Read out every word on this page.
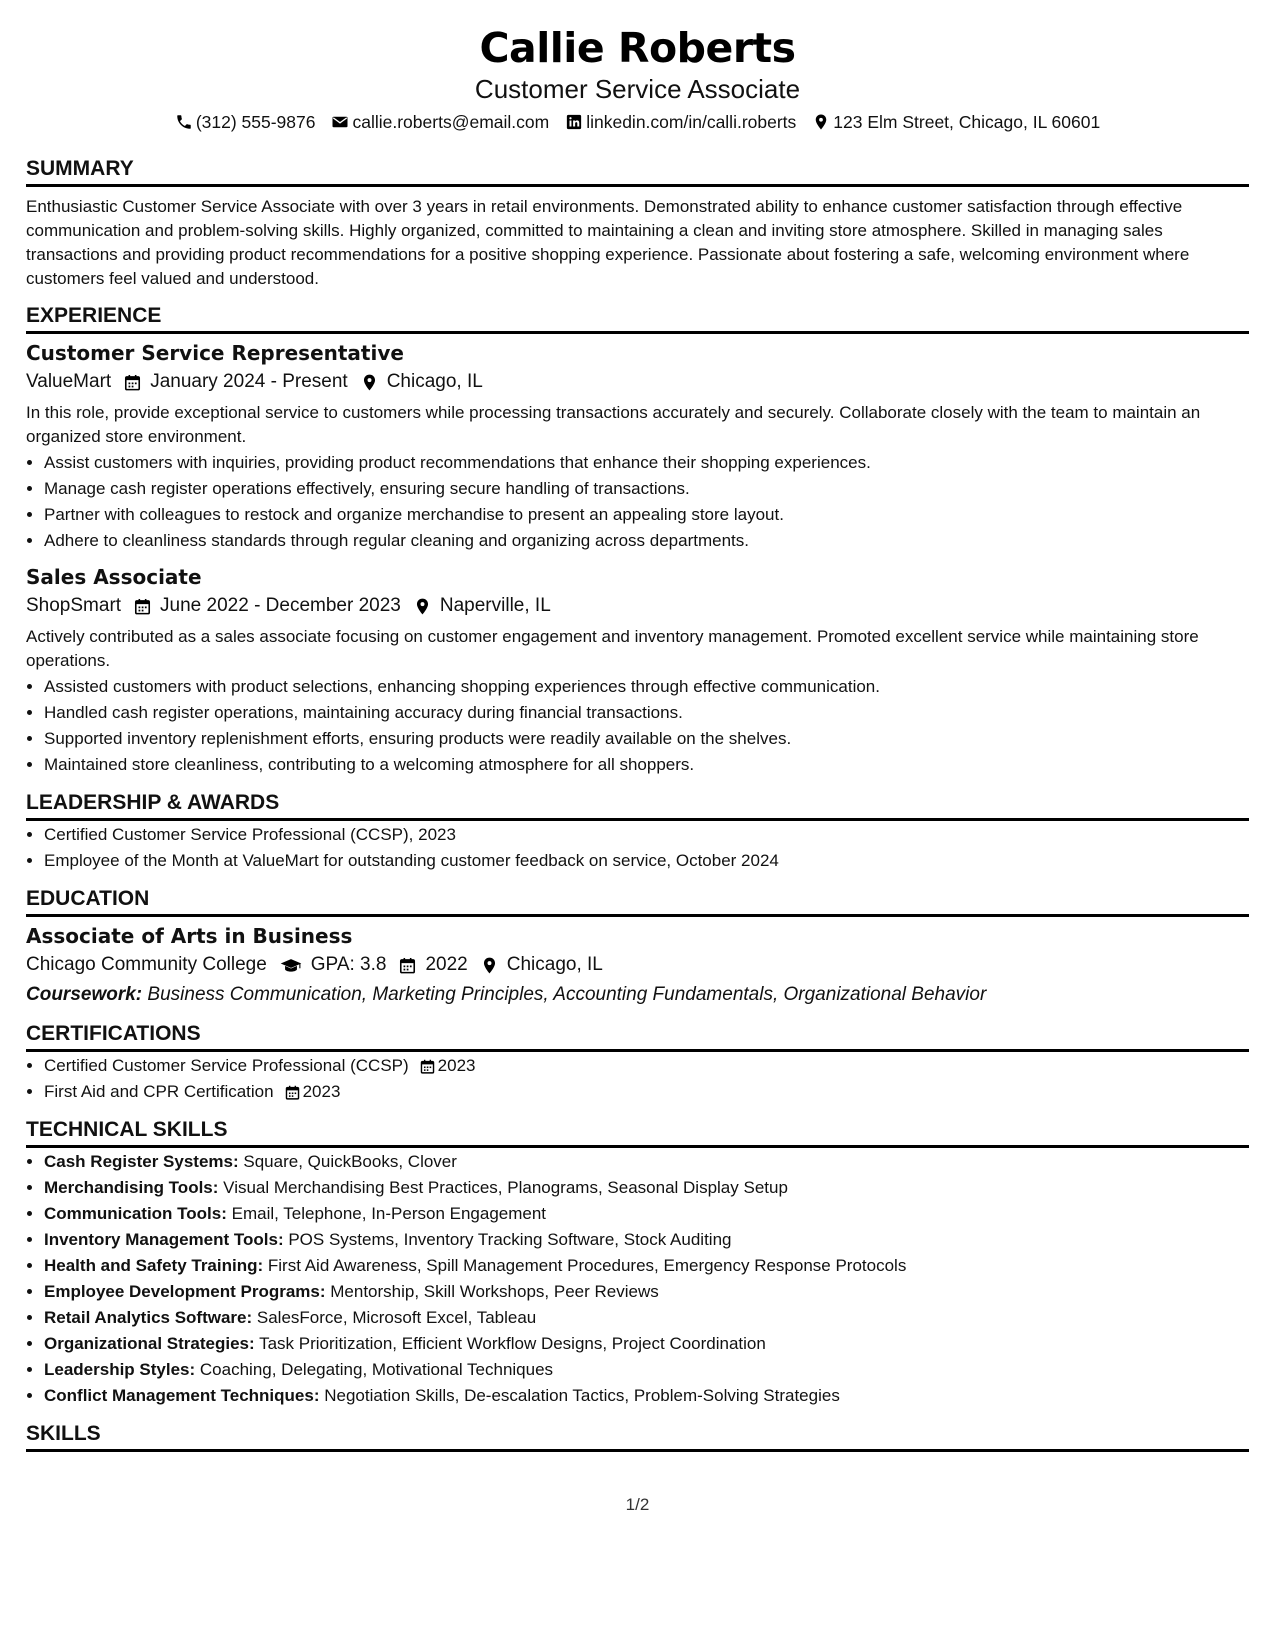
Callie Roberts
Customer Service Associate
(312) 555-9876 callie.roberts@email.com linkedin.com/in/calli.roberts 123 Elm Street, Chicago, IL 60601
SUMMARY

Enthusiastic Customer Service Associate with over 3 years in retail environments. Demonstrated ability to enhance customer satisfaction through effective communication and problem-solving skills. Highly organized, committed to maintaining a clean and inviting store atmosphere. Skilled in managing sales transactions and providing product recommendations for a positive shopping experience. Passionate about fostering a safe, welcoming environment where customers feel valued and understood.

EXPERIENCE
Customer Service Representative
ValueMart January 2024 - Present Chicago, IL
In this role, provide exceptional service to customers while processing transactions accurately and securely. Collaborate closely with the team to maintain an organized store environment.
• Assist customers with inquiries, providing product recommendations that enhance their shopping experiences.
• Manage cash register operations effectively, ensuring secure handling of transactions.
• Partner with colleagues to restock and organize merchandise to present an appealing store layout.
• Adhere to cleanliness standards through regular cleaning and organizing across departments.
Sales Associate
ShopSmart June 2022 - December 2023 Naperville, IL
Actively contributed as a sales associate focusing on customer engagement and inventory management. Promoted excellent service while maintaining store operations.
• Assisted customers with product selections, enhancing shopping experiences through effective communication.
• Handled cash register operations, maintaining accuracy during financial transactions.
• Supported inventory replenishment efforts, ensuring products were readily available on the shelves.
• Maintained store cleanliness, contributing to a welcoming atmosphere for all shoppers.
LEADERSHIP & AWARDS
• Certified Customer Service Professional (CCSP), 2023
• Employee of the Month at ValueMart for outstanding customer feedback on service, October 2024
EDUCATION
Associate of Arts in Business
Chicago Community College GPA: 3.8 2022 Chicago, IL
Coursework: Business Communication, Marketing Principles, Accounting Fundamentals, Organizational Behavior
CERTIFICATIONS
• Certified Customer Service Professional (CCSP) 2023
• First Aid and CPR Certification 2023
TECHNICAL SKILLS
• Cash Register Systems: Square, QuickBooks, Clover
• Merchandising Tools: Visual Merchandising Best Practices, Planograms, Seasonal Display Setup
• Communication Tools: Email, Telephone, In-Person Engagement
• Inventory Management Tools: POS Systems, Inventory Tracking Software, Stock Auditing
• Health and Safety Training: First Aid Awareness, Spill Management Procedures, Emergency Response Protocols
• Employee Development Programs: Mentorship, Skill Workshops, Peer Reviews
• Retail Analytics Software: SalesForce, Microsoft Excel, Tableau
• Organizational Strategies: Task Prioritization, Efficient Workflow Designs, Project Coordination
• Leadership Styles: Coaching, Delegating, Motivational Techniques
• Conflict Management Techniques: Negotiation Skills, De-escalation Tactics, Problem-Solving Strategies
SKILLS
1/2
